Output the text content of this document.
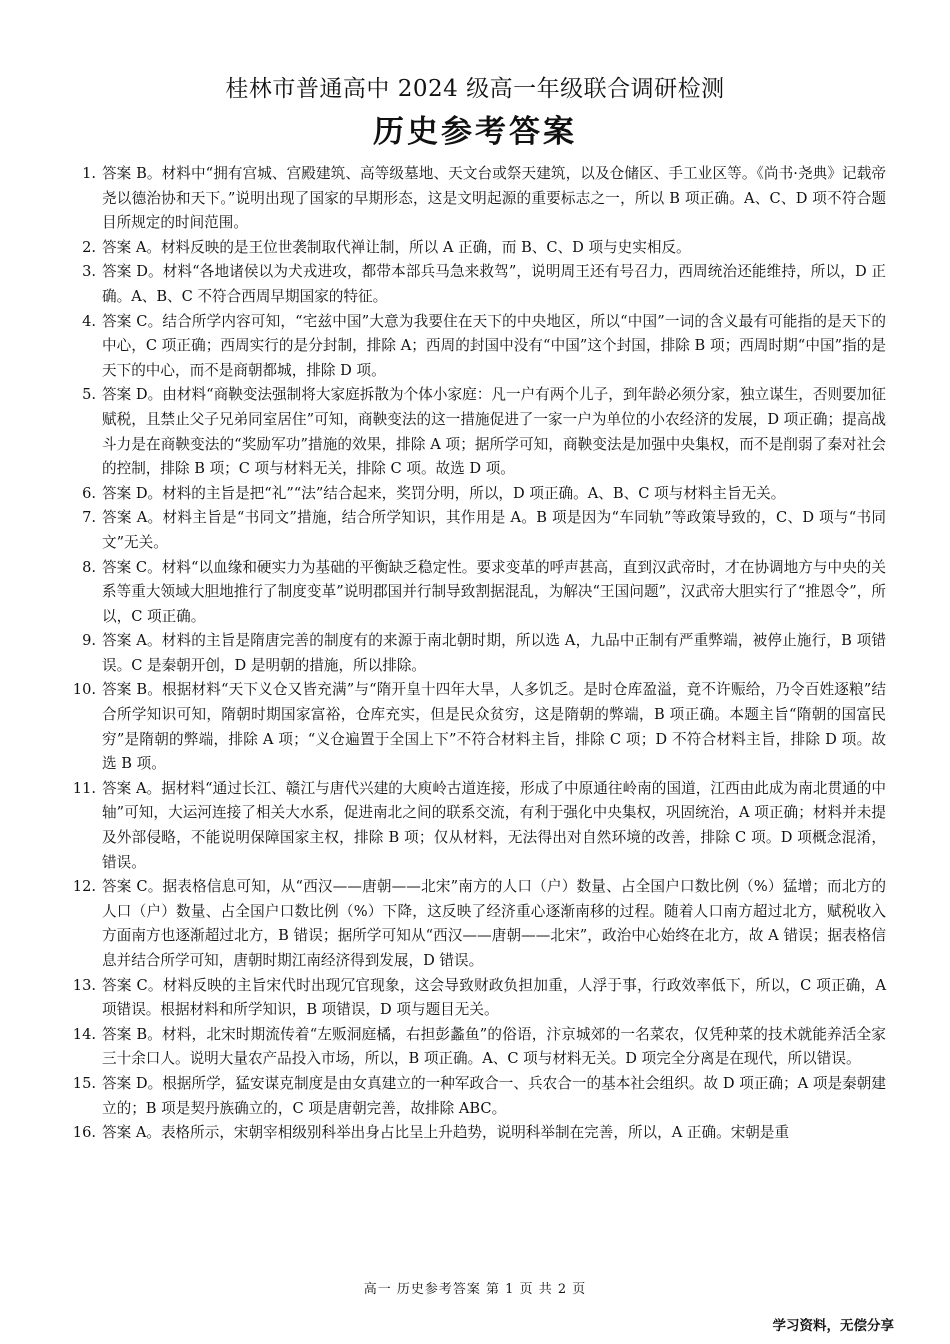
桂林市普通高中 2024 级高一年级联合调研检测
历史参考答案
1. 答案 B。材料中“拥有宫城、宫殿建筑、高等级墓地、天文台或祭天建筑，以及仓储区、手工业区等。《尚书·尧典》记载帝尧以德治协和天下。”说明出现了国家的早期形态，这是文明起源的重要标志之一，所以 B 项正确。A、C、D 项不符合题目所规定的时间范围。
2. 答案 A。材料反映的是王位世袭制取代禅让制，所以 A 正确，而 B、C、D 项与史实相反。
3. 答案 D。材料“各地诸侯以为犬戎进攻，都带本部兵马急来救驾”，说明周王还有号召力，西周统治还能维持，所以，D 正确。A、B、C 不符合西周早期国家的特征。
4. 答案 C。结合所学内容可知，“宅兹中国”大意为我要住在天下的中央地区，所以“中国”一词的含义最有可能指的是天下的中心，C 项正确；西周实行的是分封制，排除 A；西周的封国中没有“中国”这个封国，排除 B 项；西周时期“中国”指的是天下的中心，而不是商朝都城，排除 D 项。
5. 答案 D。由材料“商鞅变法强制将大家庭拆散为个体小家庭：凡一户有两个儿子，到年龄必须分家，独立谋生，否则要加征赋税，且禁止父子兄弟同室居住”可知，商鞅变法的这一措施促进了一家一户为单位的小农经济的发展，D 项正确；提高战斗力是在商鞅变法的“奖励军功”措施的效果，排除 A 项；据所学可知，商鞅变法是加强中央集权，而不是削弱了秦对社会的控制，排除 B 项；C 项与材料无关，排除 C 项。故选 D 项。
6. 答案 D。材料的主旨是把“礼”“法”结合起来，奖罚分明，所以，D 项正确。A、B、C 项与材料主旨无关。
7. 答案 A。材料主旨是“书同文”措施，结合所学知识，其作用是 A。B 项是因为“车同轨”等政策导致的，C、D 项与“书同文”无关。
8. 答案 C。材料“以血缘和硬实力为基础的平衡缺乏稳定性。要求变革的呼声甚高，直到汉武帝时，才在协调地方与中央的关系等重大领域大胆地推行了制度变革”说明郡国并行制导致割据混乱，为解决“王国问题”，汉武帝大胆实行了“推恩令”，所以，C 项正确。
9. 答案 A。材料的主旨是隋唐完善的制度有的来源于南北朝时期，所以选 A，九品中正制有严重弊端，被停止施行，B 项错误。C 是秦朝开创，D 是明朝的措施，所以排除。
10. 答案 B。根据材料“天下义仓又皆充满”与“隋开皇十四年大旱，人多饥乏。是时仓库盈溢，竟不许赈给，乃令百姓逐粮”结合所学知识可知，隋朝时期国家富裕，仓库充实，但是民众贫穷，这是隋朝的弊端，B 项正确。本题主旨“隋朝的国富民穷”是隋朝的弊端，排除 A 项；“义仓遍置于全国上下”不符合材料主旨，排除 C 项；D 不符合材料主旨，排除 D 项。故选 B 项。
11. 答案 A。据材料“通过长江、赣江与唐代兴建的大庾岭古道连接，形成了中原通往岭南的国道，江西由此成为南北贯通的中轴”可知，大运河连接了相关大水系，促进南北之间的联系交流，有利于强化中央集权，巩固统治，A 项正确；材料并未提及外部侵略，不能说明保障国家主权，排除 B 项；仅从材料，无法得出对自然环境的改善，排除 C 项。D 项概念混淆，错误。
12. 答案 C。据表格信息可知，从“西汉——唐朝——北宋”南方的人口（户）数量、占全国户口数比例（%）猛增；而北方的人口（户）数量、占全国户口数比例（%）下降，这反映了经济重心逐渐南移的过程。随着人口南方超过北方，赋税收入方面南方也逐渐超过北方，B 错误；据所学可知从“西汉——唐朝——北宋”，政治中心始终在北方，故 A 错误；据表格信息并结合所学可知，唐朝时期江南经济得到发展，D 错误。
13. 答案 C。材料反映的主旨宋代时出现冗官现象，这会导致财政负担加重，人浮于事，行政效率低下，所以，C 项正确，A 项错误。根据材料和所学知识，B 项错误，D 项与题目无关。
14. 答案 B。材料，北宋时期流传着“左贩洞庭橘，右担彭蠡鱼”的俗语，汴京城郊的一名菜农，仅凭种菜的技术就能养活全家三十余口人。说明大量农产品投入市场，所以，B 项正确。A、C 项与材料无关。D 项完全分离是在现代，所以错误。
15. 答案 D。根据所学，猛安谋克制度是由女真建立的一种军政合一、兵农合一的基本社会组织。故 D 项正确；A 项是秦朝建立的；B 项是契丹族确立的，C 项是唐朝完善，故排除 ABC。
16. 答案 A。表格所示，宋朝宰相级别科举出身占比呈上升趋势，说明科举制在完善，所以，A 正确。宋朝是重
高一 历史参考答案 第 1 页 共 2 页
学习资料，无偿分享
